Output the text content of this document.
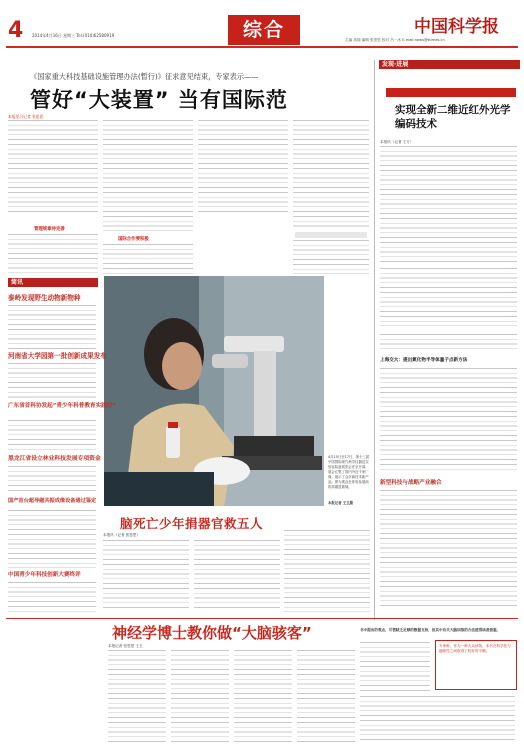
4 2014年4月16日 星期三 Tel:(010)62580919	综合	中国科学报
主编 高翔 编辑 张思思 校对 吕一冰 E-mail:news@stimes.cn
《国家重大科技基础设施管理办法(暂行)》征求意见结束，专家表示——
管好“大装置” 当有国际范
本报见习记者 张思思
管理规章待完善
国际合作要积极
4月15日至17日，第十三届中国国际现代科学仪器及实验室装备展览会在京开幕，展会汇集了国内外近千家厂商，展示了众多新技术新产品。图为观众在体验参展商的高端显微镜。
本报记者 王卫摄
简讯
泰岭发现野生动物新物种
河南省大学园第一批创新成果发布
广东省首科协发起“青少年科普教育实践行”
黑龙江省设立林业科技发展专项资金
国产首台超导磁共振成像设备通过鉴定
中国青少年科技创新大赛终评
脑死亡少年捐器官救五人
本报讯（记者 张思思）
发现·进展
中科院微电子研究所
实现全新二维近红外光学编码技术
本报讯（记者 王方）
上海交大：提出氮化物半导体量子点新方法
新型科技与战略产业融合
神经学博士教你做“大脑骇客”
本报记者 张思思 王卫
书中提出的观点，尽管缺乏足够的数据支持，但其中有关大脑训练的方法值得读者借鉴。
专家称，作为一种大众读物，本书在科学性与趣味性之间取得了较好的平衡。
